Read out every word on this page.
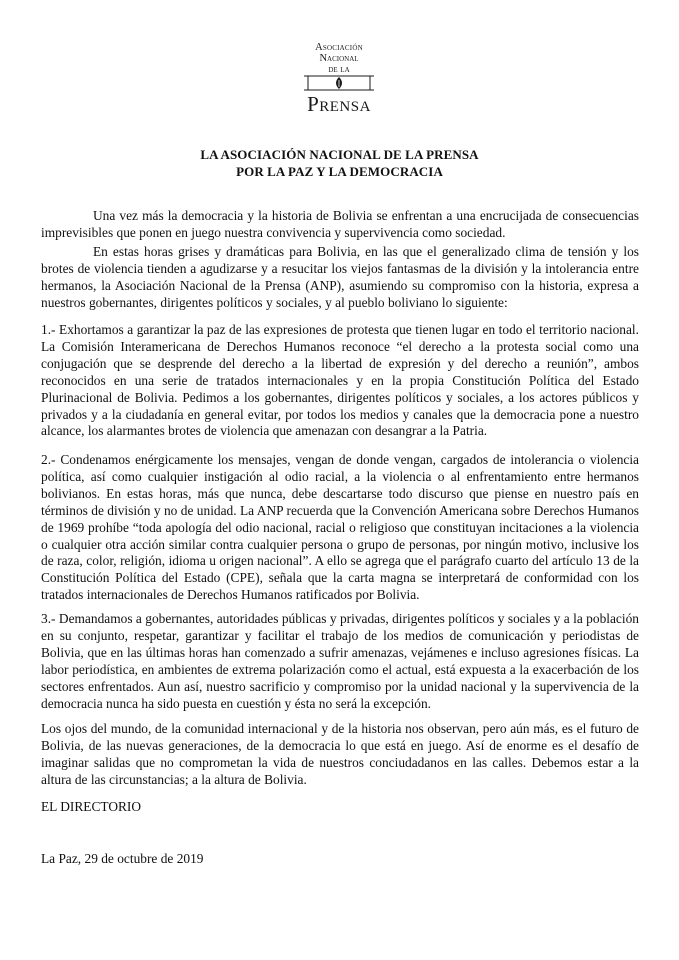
Asociación
Nacional
de la
Prensa
LA ASOCIACIÓN NACIONAL DE LA PRENSA
POR LA PAZ Y LA DEMOCRACIA

Una vez más la democracia y la historia de Bolivia se enfrentan a una encrucijada de consecuencias imprevisibles que ponen en juego nuestra convivencia y supervivencia como sociedad.

En estas horas grises y dramáticas para Bolivia, en las que el generalizado clima de tensión y los brotes de violencia tienden a agudizarse y a resucitar los viejos fantasmas de la división y la intolerancia entre hermanos, la Asociación Nacional de la Prensa (ANP), asumiendo su compromiso con la historia, expresa a nuestros gobernantes, dirigentes políticos y sociales, y al pueblo boliviano lo siguiente:

1.- Exhortamos a garantizar la paz de las expresiones de protesta que tienen lugar en todo el territorio nacional. La Comisión Interamericana de Derechos Humanos reconoce “el derecho a la protesta social como una conjugación que se desprende del derecho a la libertad de expresión y del derecho a reunión”, ambos reconocidos en una serie de tratados internacionales y en la propia Constitución Política del Estado Plurinacional de Bolivia. Pedimos a los gobernantes, dirigentes políticos y sociales, a los actores públicos y privados y a la ciudadanía en general evitar, por todos los medios y canales que la democracia pone a nuestro alcance, los alarmantes brotes de violencia que amenazan con desangrar a la Patria.

2.- Condenamos enérgicamente los mensajes, vengan de donde vengan, cargados de intolerancia o violencia política, así como cualquier instigación al odio racial, a la violencia o al enfrentamiento entre hermanos bolivianos. En estas horas, más que nunca, debe descartarse todo discurso que piense en nuestro país en términos de división y no de unidad. La ANP recuerda que la Convención Americana sobre Derechos Humanos de 1969 prohíbe “toda apología del odio nacional, racial o religioso que constituyan incitaciones a la violencia o cualquier otra acción similar contra cualquier persona o grupo de personas, por ningún motivo, inclusive los de raza, color, religión, idioma u origen nacional”. A ello se agrega que el parágrafo cuarto del artículo 13 de la Constitución Política del Estado (CPE), señala que la carta magna se interpretará de conformidad con los tratados internacionales de Derechos Humanos ratificados por Bolivia.

3.- Demandamos a gobernantes, autoridades públicas y privadas, dirigentes políticos y sociales y a la población en su conjunto, respetar, garantizar y facilitar el trabajo de los medios de comunicación y periodistas de Bolivia, que en las últimas horas han comenzado a sufrir amenazas, vejámenes e incluso agresiones físicas. La labor periodística, en ambientes de extrema polarización como el actual, está expuesta a la exacerbación de los sectores enfrentados. Aun así, nuestro sacrificio y compromiso por la unidad nacional y la supervivencia de la democracia nunca ha sido puesta en cuestión y ésta no será la excepción.

Los ojos del mundo, de la comunidad internacional y de la historia nos observan, pero aún más, es el futuro de Bolivia, de las nuevas generaciones, de la democracia lo que está en juego. Así de enorme es el desafío de imaginar salidas que no comprometan la vida de nuestros conciudadanos en las calles. Debemos estar a la altura de las circunstancias; a la altura de Bolivia.

EL DIRECTORIO
La Paz, 29 de octubre de 2019
